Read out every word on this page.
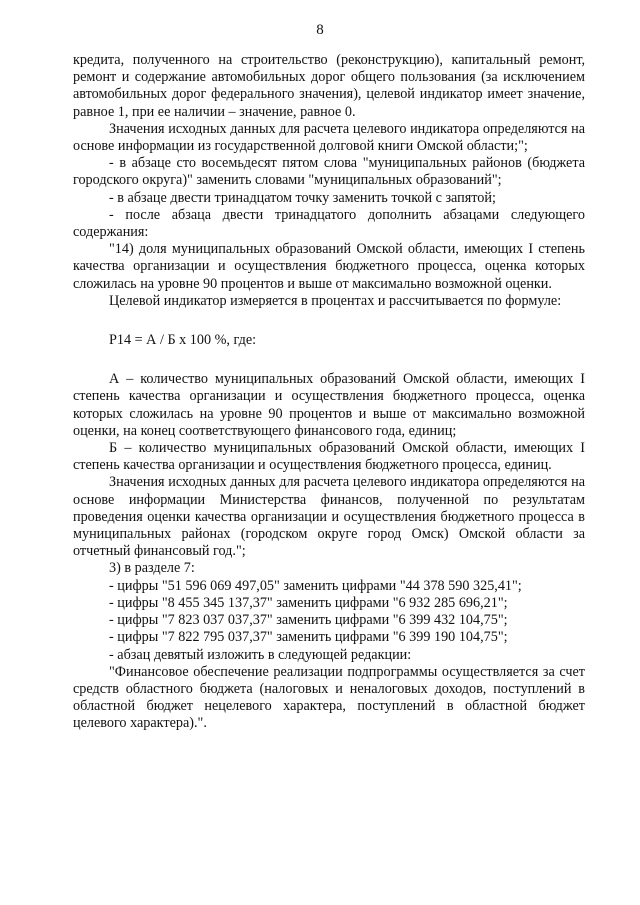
8

кредита, полученного на строительство (реконструкцию), капитальный ремонт, ремонт и содержание автомобильных дорог общего пользования (за исключением автомобильных дорог федерального значения), целевой индикатор имеет значение, равное 1, при ее наличии – значение, равное 0.

Значения исходных данных для расчета целевого индикатора определяются на основе информации из государственной долговой книги Омской области;";

- в абзаце сто восемьдесят пятом слова "муниципальных районов (бюджета городского округа)" заменить словами "муниципальных образований";

- в абзаце двести тринадцатом точку заменить точкой с запятой;

- после абзаца двести тринадцатого дополнить абзацами следующего содержания:

"14) доля муниципальных образований Омской области, имеющих I степень качества организации и осуществления бюджетного процесса, оценка которых сложилась на уровне 90 процентов и выше от максимально возможной оценки.

Целевой индикатор измеряется в процентах и рассчитывается по формуле:

Р14 = А / Б х 100 %, где:

А – количество муниципальных образований Омской области, имеющих I степень качества организации и осуществления бюджетного процесса, оценка которых сложилась на уровне 90 процентов и выше от максимально возможной оценки, на конец соответствующего финансового года, единиц;

Б – количество муниципальных образований Омской области, имеющих I степень качества организации и осуществления бюджетного процесса, единиц.

Значения исходных данных для расчета целевого индикатора определяются на основе информации Министерства финансов, полученной по результатам проведения оценки качества организации и осуществления бюджетного процесса в муниципальных районах (городском округе город Омск) Омской области за отчетный финансовый год.";

3) в разделе 7:

- цифры "51 596 069 497,05" заменить цифрами "44 378 590 325,41";

- цифры "8 455 345 137,37" заменить цифрами "6 932 285 696,21";

- цифры "7 823 037 037,37" заменить цифрами "6 399 432 104,75";

- цифры "7 822 795 037,37" заменить цифрами "6 399 190 104,75";

- абзац девятый изложить в следующей редакции:

"Финансовое обеспечение реализации подпрограммы осуществляется за счет средств областного бюджета (налоговых и неналоговых доходов, поступлений в областной бюджет нецелевого характера, поступлений в областной бюджет целевого характера).".
